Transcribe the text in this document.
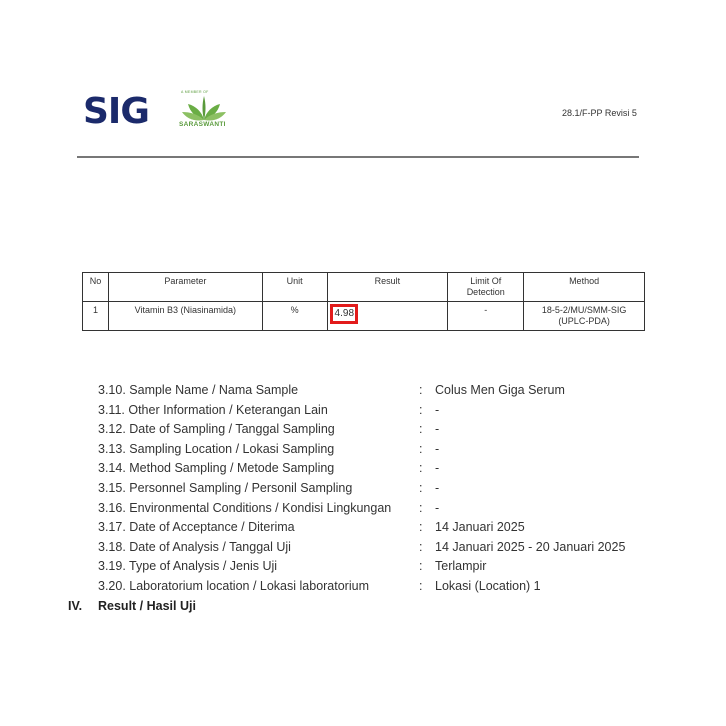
SIG	A MEMBER OF
SARASWANTI
28.1/F-PP Revisi 5
No	Parameter	Unit	Result	Limit Of Detection	Method
1	Vitamin B3 (Niasinamida)	%	4.98	-	18-5-2/MU/SMM-SIG (UPLC-PDA)
3.10. Sample Name / Nama Sample	: Colus Men Giga Serum
3.11. Other Information / Keterangan Lain	: -
3.12. Date of Sampling / Tanggal Sampling	: -
3.13. Sampling Location / Lokasi Sampling	: -
3.14. Method Sampling / Metode Sampling	: -
3.15. Personnel Sampling / Personil Sampling	: -
3.16. Environmental Conditions / Kondisi Lingkungan : -
3.17. Date of Acceptance / Diterima	: 14 Januari 2025
3.18. Date of Analysis / Tanggal Uji	: 14 Januari 2025 - 20 Januari 2025
3.19. Type of Analysis / Jenis Uji	: Terlampir
3.20. Laboratorium location / Lokasi laboratorium	: Lokasi (Location) 1
IV. Result / Hasil Uji
